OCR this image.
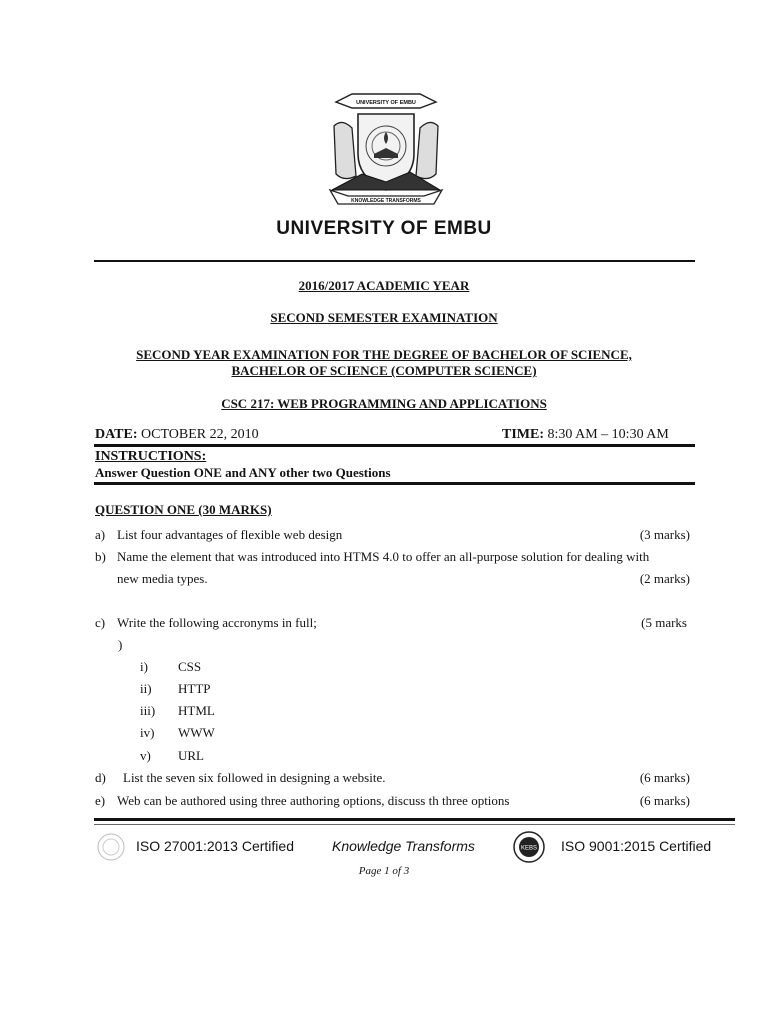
UNIVERSITY OF EMBU
KNOWLEDGE TRANSFORMS
UNIVERSITY OF EMBU
2016/2017 ACADEMIC YEAR
SECOND SEMESTER EXAMINATION
SECOND YEAR EXAMINATION FOR THE DEGREE OF BACHELOR OF SCIENCE,
BACHELOR OF SCIENCE (COMPUTER SCIENCE)
CSC 217: WEB PROGRAMMING AND APPLICATIONS
DATE: OCTOBER 22, 2010	TIME: 8:30 AM – 10:30 AM
INSTRUCTIONS:
Answer Question ONE and ANY other two Questions
QUESTION ONE (30 MARKS)
a) List four advantages of flexible web design	(3 marks)
b) Name the element that was introduced into HTMS 4.0 to offer an all-purpose solution for dealing with
new media types.	(2 marks)
c) Write the following accronyms in full;	(5 marks
)
i) CSS
ii) HTTP
iii) HTML
iv) WWW
v) URL
d) List the seven six followed in designing a website.	(6 marks)
e) Web can be authored using three authoring options, discuss th three options	(6 marks)
ISO 27001:2013 Certified	Knowledge Transforms	KEBS ISO 9001:2015 Certified
Page 1 of 3
